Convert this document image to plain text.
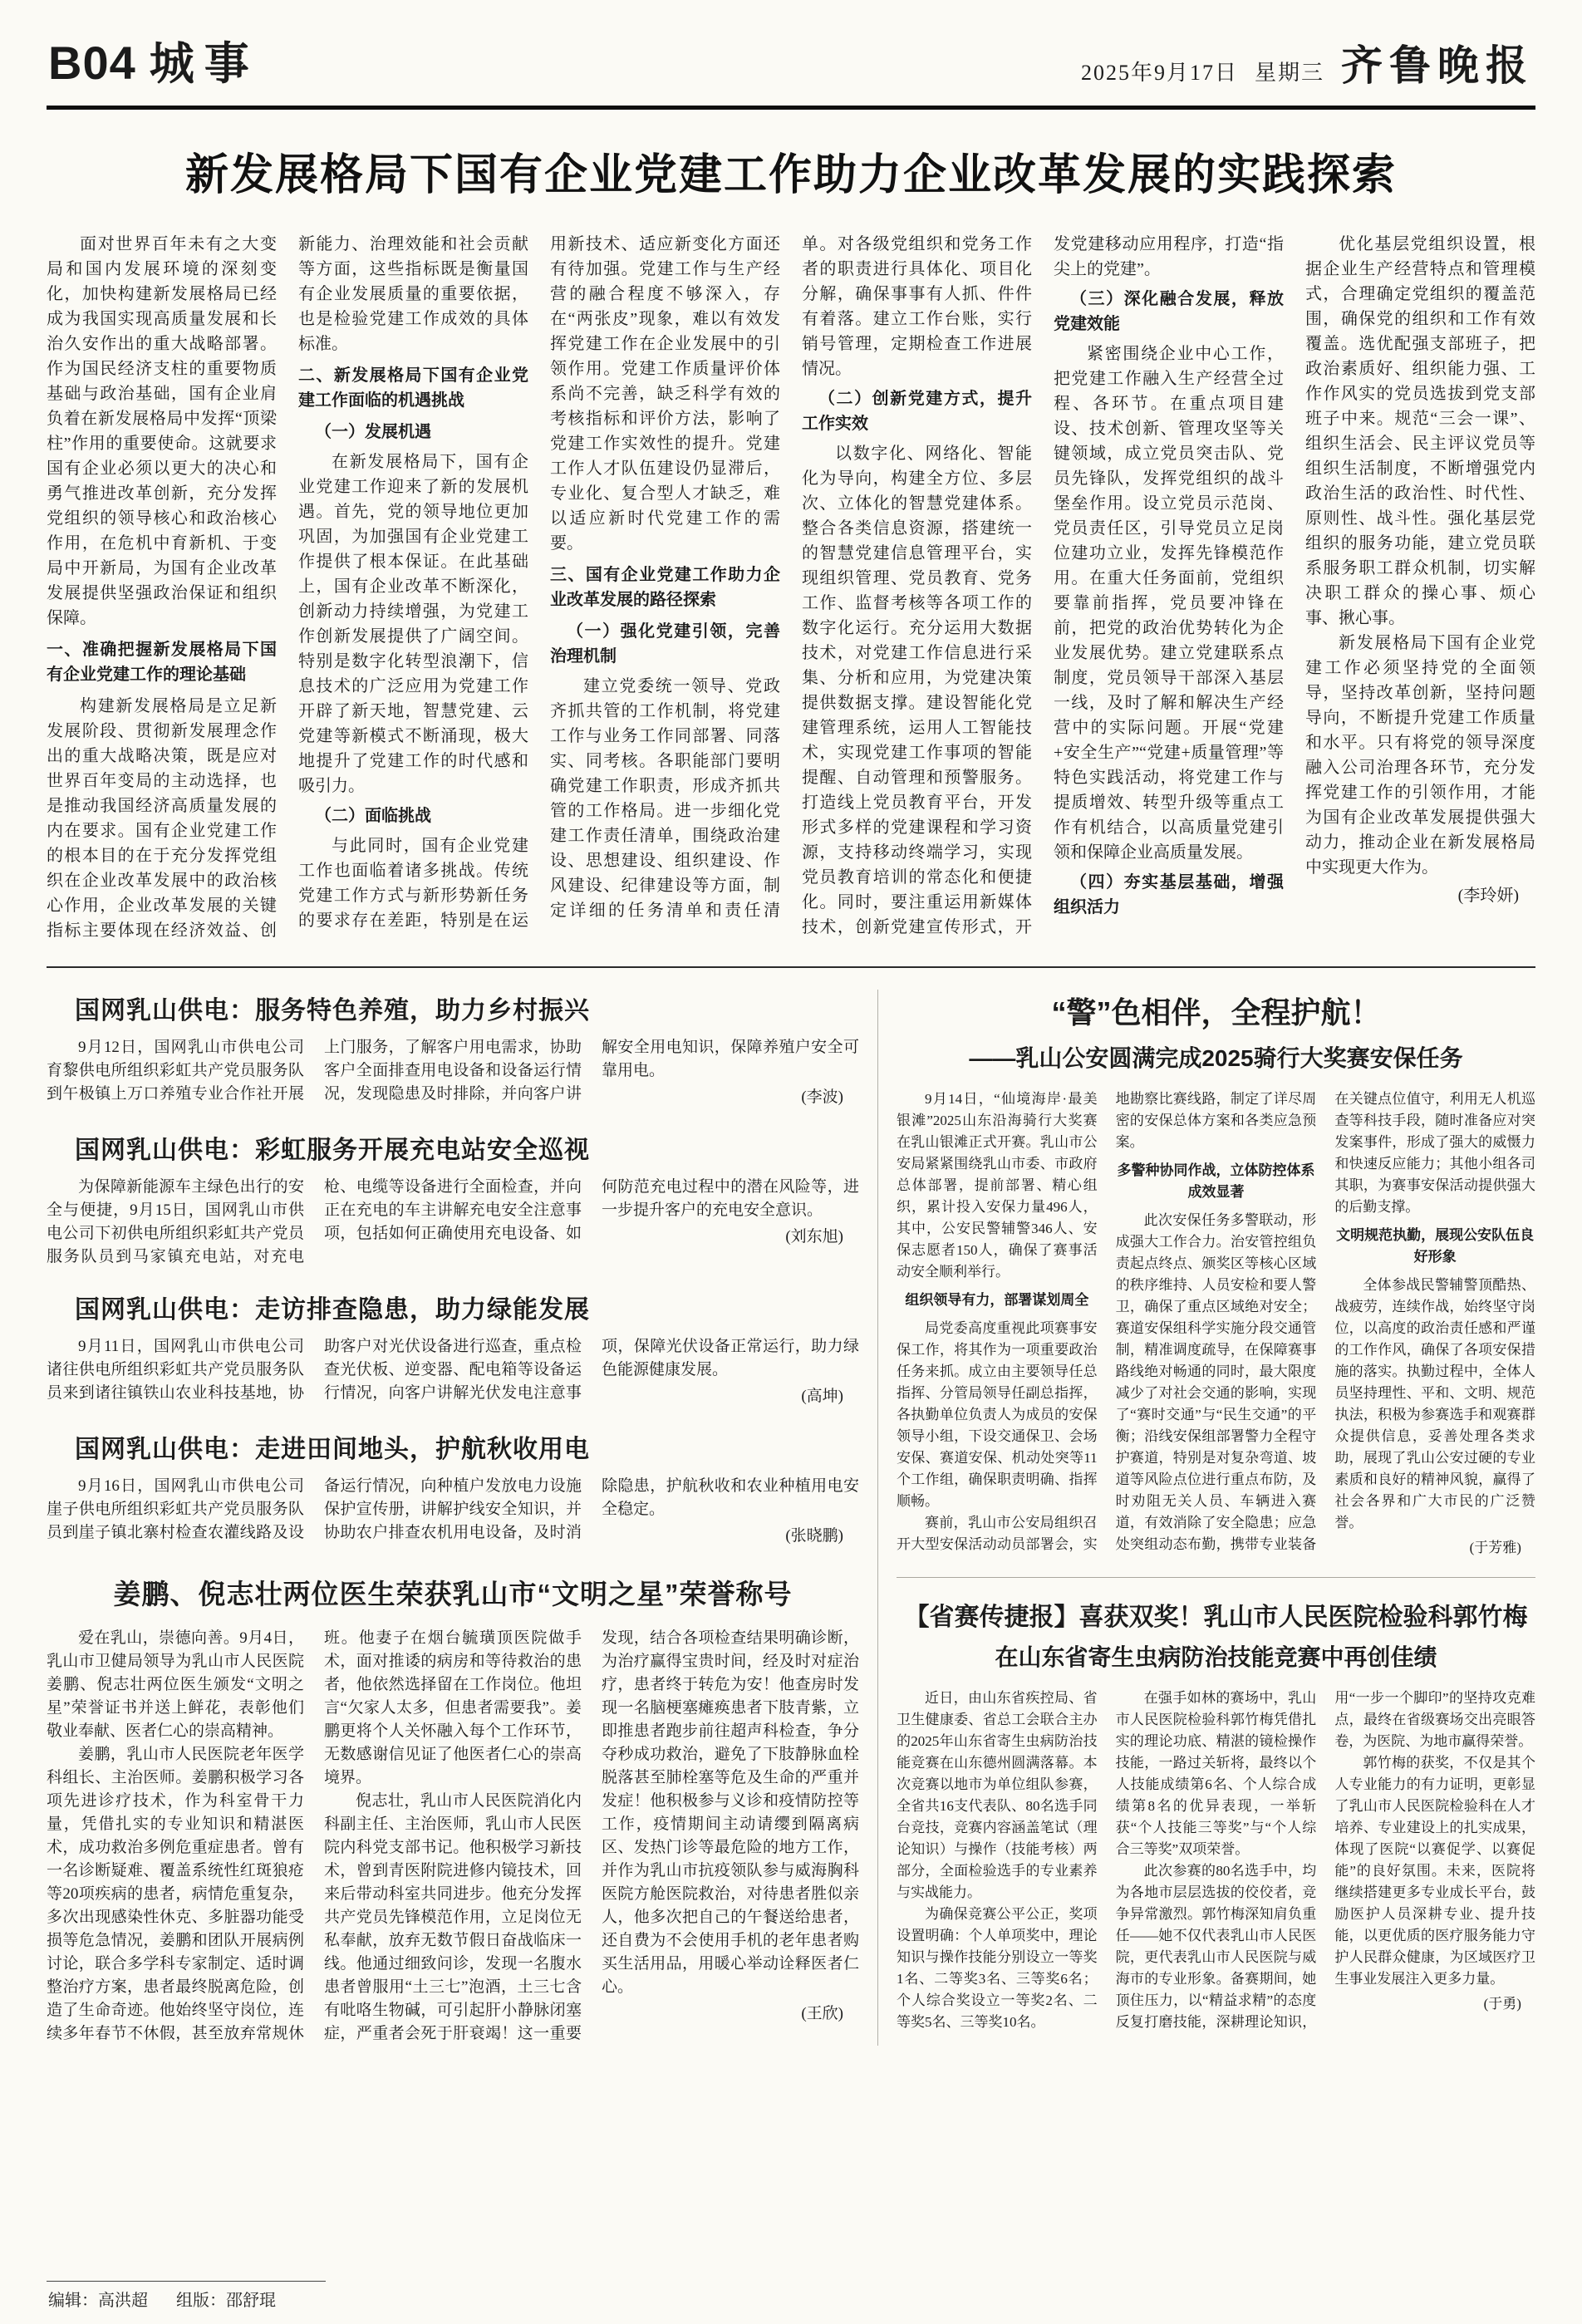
B04 城事	2025年9月17日 星期三 齐鲁晚报
新发展格局下国有企业党建工作助力企业改革发展的实践探索

面对世界百年未有之大变局和国内发展环境的深刻变化，加快构建新发展格局已经成为我国实现高质量发展和长治久安作出的重大战略部署。作为国民经济支柱的重要物质基础与政治基础，国有企业肩负着在新发展格局中发挥“顶梁柱”作用的重要使命。这就要求国有企业必须以更大的决心和勇气推进改革创新，充分发挥党组织的领导核心和政治核心作用，在危机中育新机、于变局中开新局，为国有企业改革发展提供坚强政治保证和组织保障。

一、准确把握新发展格局下国有企业党建工作的理论基础

构建新发展格局是立足新发展阶段、贯彻新发展理念作出的重大战略决策，既是应对世界百年变局的主动选择，也是推动我国经济高质量发展的内在要求。国有企业党建工作的根本目的在于充分发挥党组织在企业改革发展中的政治核心作用，企业改革发展的关键指标主要体现在经济效益、创新能力、治理效能和社会贡献等方面，这些指标既是衡量国有企业发展质量的重要依据，也是检验党建工作成效的具体标准。

二、新发展格局下国有企业党建工作面临的机遇挑战
（一）发展机遇

在新发展格局下，国有企业党建工作迎来了新的发展机遇。首先，党的领导地位更加巩固，为加强国有企业党建工作提供了根本保证。在此基础上，国有企业改革不断深化，创新动力持续增强，为党建工作创新发展提供了广阔空间。特别是数字化转型浪潮下，信息技术的广泛应用为党建工作开辟了新天地，智慧党建、云党建等新模式不断涌现，极大地提升了党建工作的时代感和吸引力。

（二）面临挑战

与此同时，国有企业党建工作也面临着诸多挑战。传统党建工作方式与新形势新任务的要求存在差距，特别是在运用新技术、适应新变化方面还有待加强。党建工作与生产经营的融合程度不够深入，存在“两张皮”现象，难以有效发挥党建工作在企业发展中的引领作用。党建工作质量评价体系尚不完善，缺乏科学有效的考核指标和评价方法，影响了党建工作实效性的提升。党建工作人才队伍建设仍显滞后，专业化、复合型人才缺乏，难以适应新时代党建工作的需要。

三、国有企业党建工作助力企业改革发展的路径探索
（一）强化党建引领，完善治理机制

建立党委统一领导、党政齐抓共管的工作机制，将党建工作与业务工作同部署、同落实、同考核。各职能部门要明确党建工作职责，形成齐抓共管的工作格局。进一步细化党建工作责任清单，围绕政治建设、思想建设、组织建设、作风建设、纪律建设等方面，制定详细的任务清单和责任清单。对各级党组织和党务工作者的职责进行具体化、项目化分解，确保事事有人抓、件件有着落。建立工作台账，实行销号管理，定期检查工作进展情况。

（二）创新党建方式，提升工作实效

以数字化、网络化、智能化为导向，构建全方位、多层次、立体化的智慧党建体系。整合各类信息资源，搭建统一的智慧党建信息管理平台，实现组织管理、党员教育、党务工作、监督考核等各项工作的数字化运行。充分运用大数据技术，对党建工作信息进行采集、分析和应用，为党建决策提供数据支撑。建设智能化党建管理系统，运用人工智能技术，实现党建工作事项的智能提醒、自动管理和预警服务。打造线上党员教育平台，开发形式多样的党建课程和学习资源，支持移动终端学习，实现党员教育培训的常态化和便捷化。同时，要注重运用新媒体技术，创新党建宣传形式，开发党建移动应用程序，打造“指尖上的党建”。

（三）深化融合发展，释放党建效能

紧密围绕企业中心工作，把党建工作融入生产经营全过程、各环节。在重点项目建设、技术创新、管理攻坚等关键领域，成立党员突击队、党员先锋队，发挥党组织的战斗堡垒作用。设立党员示范岗、党员责任区，引导党员立足岗位建功立业，发挥先锋模范作用。在重大任务面前，党组织要靠前指挥，党员要冲锋在前，把党的政治优势转化为企业发展优势。建立党建联系点制度，党员领导干部深入基层一线，及时了解和解决生产经营中的实际问题。开展“党建+安全生产”“党建+质量管理”等特色实践活动，将党建工作与提质增效、转型升级等重点工作有机结合，以高质量党建引领和保障企业高质量发展。

（四）夯实基层基础，增强组织活力

优化基层党组织设置，根据企业生产经营特点和管理模式，合理确定党组织的覆盖范围，确保党的组织和工作有效覆盖。选优配强支部班子，把政治素质好、组织能力强、工作作风实的党员选拔到党支部班子中来。规范“三会一课”、组织生活会、民主评议党员等组织生活制度，不断增强党内政治生活的政治性、时代性、原则性、战斗性。强化基层党组织的服务功能，建立党员联系服务职工群众机制，切实解决职工群众的操心事、烦心事、揪心事。

新发展格局下国有企业党建工作必须坚持党的全面领导，坚持改革创新，坚持问题导向，不断提升党建工作质量和水平。只有将党的领导深度融入公司治理各环节，充分发挥党建工作的引领作用，才能为国有企业改革发展提供强大动力，推动企业在新发展格局中实现更大作为。

(李玲妍)

国网乳山供电：服务特色养殖，助力乡村振兴

9月12日，国网乳山市供电公司育黎供电所组织彩虹共产党员服务队到午极镇上万口养殖专业合作社开展上门服务，了解客户用电需求，协助客户全面排查用电设备和设备运行情况，发现隐患及时排除，并向客户讲解安全用电知识，保障养殖户安全可靠用电。

(李波)

国网乳山供电：彩虹服务开展充电站安全巡视

为保障新能源车主绿色出行的安全与便捷，9月15日，国网乳山市供电公司下初供电所组织彩虹共产党员服务队员到马家镇充电站，对充电枪、电缆等设备进行全面检查，并向正在充电的车主讲解充电安全注意事项，包括如何正确使用充电设备、如何防范充电过程中的潜在风险等，进一步提升客户的充电安全意识。

(刘东旭)

国网乳山供电：走访排查隐患，助力绿能发展

9月11日，国网乳山市供电公司诸往供电所组织彩虹共产党员服务队员来到诸往镇铁山农业科技基地，协助客户对光伏设备进行巡查，重点检查光伏板、逆变器、配电箱等设备运行情况，向客户讲解光伏发电注意事项，保障光伏设备正常运行，助力绿色能源健康发展。

(高坤)

国网乳山供电：走进田间地头，护航秋收用电

9月16日，国网乳山市供电公司崖子供电所组织彩虹共产党员服务队员到崖子镇北寨村检查农灌线路及设备运行情况，向种植户发放电力设施保护宣传册，讲解护线安全知识，并协助农户排查农机用电设备，及时消除隐患，护航秋收和农业种植用电安全稳定。

(张晓鹏)

姜鹏、倪志壮两位医生荣获乳山市“文明之星”荣誉称号

爱在乳山，崇德向善。9月4日，乳山市卫健局领导为乳山市人民医院姜鹏、倪志壮两位医生颁发“文明之星”荣誉证书并送上鲜花，表彰他们敬业奉献、医者仁心的崇高精神。

姜鹏，乳山市人民医院老年医学科组长、主治医师。姜鹏积极学习各项先进诊疗技术，作为科室骨干力量，凭借扎实的专业知识和精湛医术，成功救治多例危重症患者。曾有一名诊断疑难、覆盖系统性红斑狼疮等20项疾病的患者，病情危重复杂，多次出现感染性休克、多脏器功能受损等危急情况，姜鹏和团队开展病例讨论，联合多学科专家制定、适时调整治疗方案，患者最终脱离危险，创造了生命奇迹。他始终坚守岗位，连续多年春节不休假，甚至放弃常规休班。他妻子在烟台毓璜顶医院做手术，面对推诿的病房和等待救治的患者，他依然选择留在工作岗位。他坦言“欠家人太多，但患者需要我”。姜鹏更将个人关怀融入每个工作环节，无数感谢信见证了他医者仁心的崇高境界。

倪志壮，乳山市人民医院消化内科副主任、主治医师，乳山市人民医院内科党支部书记。他积极学习新技术，曾到青医附院进修内镜技术，回来后带动科室共同进步。他充分发挥共产党员先锋模范作用，立足岗位无私奉献，放弃无数节假日奋战临床一线。他通过细致问诊，发现一名腹水患者曾服用“土三七”泡酒，土三七含有吡咯生物碱，可引起肝小静脉闭塞症，严重者会死于肝衰竭！这一重要发现，结合各项检查结果明确诊断，为治疗赢得宝贵时间，经及时对症治疗，患者终于转危为安！他查房时发现一名脑梗塞瘫痪患者下肢青紫，立即推患者跑步前往超声科检查，争分夺秒成功救治，避免了下肢静脉血栓脱落甚至肺栓塞等危及生命的严重并发症！他积极参与义诊和疫情防控等工作，疫情期间主动请缨到隔离病区、发热门诊等最危险的地方工作，并作为乳山市抗疫领队参与威海胸科医院方舱医院救治，对待患者胜似亲人，他多次把自己的午餐送给患者，还自费为不会使用手机的老年患者购买生活用品，用暖心举动诠释医者仁心。

(王欣)

“警”色相伴，全程护航！
——乳山公安圆满完成2025骑行大奖赛安保任务

9月14日，“仙境海岸·最美银滩”2025山东沿海骑行大奖赛在乳山银滩正式开赛。乳山市公安局紧紧围绕乳山市委、市政府总体部署，提前部署、精心组织，累计投入安保力量496人，其中，公安民警辅警346人、安保志愿者150人，确保了赛事活动安全顺利举行。

组织领导有力，部署谋划周全

局党委高度重视此项赛事安保工作，将其作为一项重要政治任务来抓。成立由主要领导任总指挥、分管局领导任副总指挥，各执勤单位负责人为成员的安保领导小组，下设交通保卫、会场安保、赛道安保、机动处突等11个工作组，确保职责明确、指挥顺畅。

赛前，乳山市公安局组织召开大型安保活动动员部署会，实地勘察比赛线路，制定了详尽周密的安保总体方案和各类应急预案。

多警种协同作战，立体防控体系成效显著

此次安保任务多警联动，形成强大工作合力。治安管控组负责起点终点、颁奖区等核心区域的秩序维持、人员安检和要人警卫，确保了重点区域绝对安全；赛道安保组科学实施分段交通管制，精准调度疏导，在保障赛事路线绝对畅通的同时，最大限度减少了对社会交通的影响，实现了“赛时交通”与“民生交通”的平衡；沿线安保组部署警力全程守护赛道，特别是对复杂弯道、坡道等风险点位进行重点布防，及时劝阻无关人员、车辆进入赛道，有效消除了安全隐患；应急处突组动态布勤，携带专业装备在关键点位值守，利用无人机巡查等科技手段，随时准备应对突发案事件，形成了强大的威慑力和快速反应能力；其他小组各司其职，为赛事安保活动提供强大的后勤支撑。

文明规范执勤，展现公安队伍良好形象

全体参战民警辅警顶酷热、战疲劳，连续作战，始终坚守岗位，以高度的政治责任感和严谨的工作作风，确保了各项安保措施的落实。执勤过程中，全体人员坚持理性、平和、文明、规范执法，积极为参赛选手和观赛群众提供信息，妥善处理各类求助，展现了乳山公安过硬的专业素质和良好的精神风貌，赢得了社会各界和广大市民的广泛赞誉。

(于芳雅)

【省赛传捷报】喜获双奖！乳山市人民医院检验科郭竹梅
在山东省寄生虫病防治技能竞赛中再创佳绩

近日，由山东省疾控局、省卫生健康委、省总工会联合主办的2025年山东省寄生虫病防治技能竞赛在山东德州圆满落幕。本次竞赛以地市为单位组队参赛，全省共16支代表队、80名选手同台竞技，竞赛内容涵盖笔试（理论知识）与操作（技能考核）两部分，全面检验选手的专业素养与实战能力。

为确保竞赛公平公正，奖项设置明确：个人单项奖中，理论知识与操作技能分别设立一等奖1名、二等奖3名、三等奖6名；个人综合奖设立一等奖2名、二等奖5名、三等奖10名。

在强手如林的赛场中，乳山市人民医院检验科郭竹梅凭借扎实的理论功底、精湛的镜检操作技能，一路过关斩将，最终以个人技能成绩第6名、个人综合成绩第8名的优异表现，一举斩获“个人技能三等奖”与“个人综合三等奖”双项荣誉。

此次参赛的80名选手中，均为各地市层层选拔的佼佼者，竞争异常激烈。郭竹梅深知肩负重任——她不仅代表乳山市人民医院，更代表乳山市人民医院与威海市的专业形象。备赛期间，她顶住压力，以“精益求精”的态度反复打磨技能，深耕理论知识，用“一步一个脚印”的坚持攻克难点，最终在省级赛场交出亮眼答卷，为医院、为地市赢得荣誉。

郭竹梅的获奖，不仅是其个人专业能力的有力证明，更彰显了乳山市人民医院检验科在人才培养、专业建设上的扎实成果，体现了医院“以赛促学、以赛促能”的良好氛围。未来，医院将继续搭建更多专业成长平台，鼓励医护人员深耕专业、提升技能，以更优质的医疗服务能力守护人民群众健康，为区域医疗卫生事业发展注入更多力量。

(于勇)

编辑：高洪超 组版：邵舒琨
